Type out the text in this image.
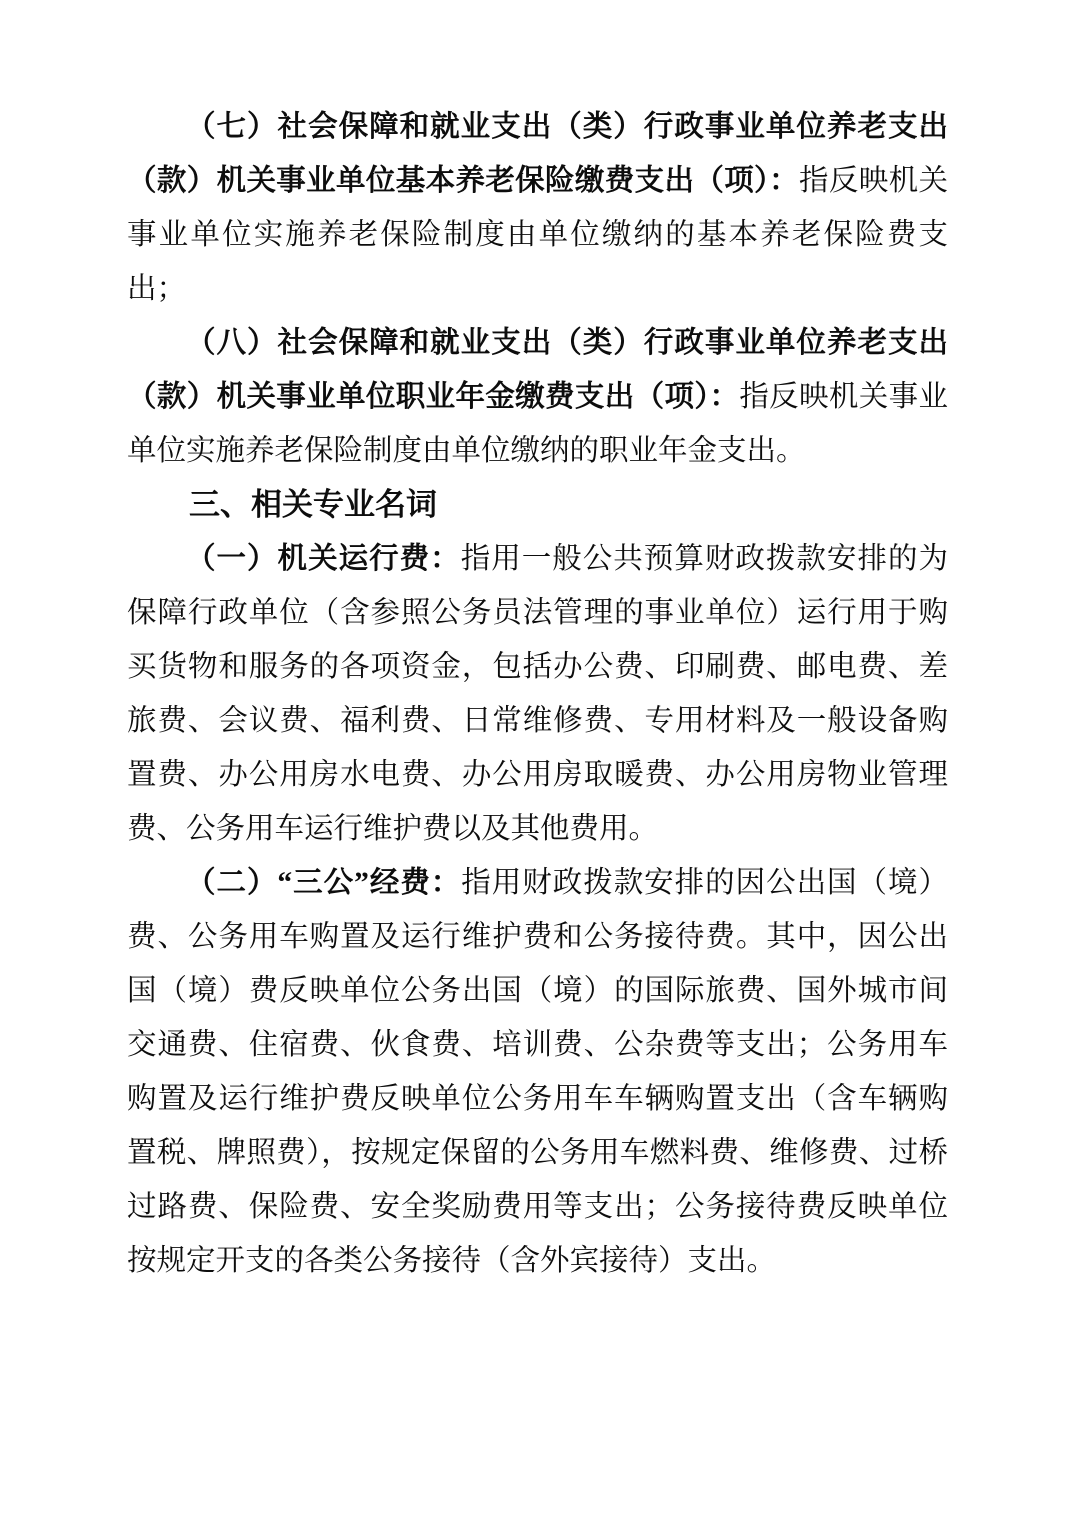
（七）社会保障和就业支出（类）行政事业单位养老支出（款）机关事业单位基本养老保险缴费支出（项）：指反映机关事业单位实施养老保险制度由单位缴纳的基本养老保险费支出；

（八）社会保障和就业支出（类）行政事业单位养老支出（款）机关事业单位职业年金缴费支出（项）：指反映机关事业单位实施养老保险制度由单位缴纳的职业年金支出。

三、相关专业名词

（一）机关运行费：指用一般公共预算财政拨款安排的为保障行政单位（含参照公务员法管理的事业单位）运行用于购买货物和服务的各项资金，包括办公费、印刷费、邮电费、差旅费、会议费、福利费、日常维修费、专用材料及一般设备购置费、办公用房水电费、办公用房取暖费、办公用房物业管理费、公务用车运行维护费以及其他费用。

（二）“三公”经费：指用财政拨款安排的因公出国（境）费、公务用车购置及运行维护费和公务接待费。其中，因公出国（境）费反映单位公务出国（境）的国际旅费、国外城市间交通费、住宿费、伙食费、培训费、公杂费等支出；公务用车购置及运行维护费反映单位公务用车车辆购置支出（含车辆购置税、牌照费），按规定保留的公务用车燃料费、维修费、过桥过路费、保险费、安全奖励费用等支出；公务接待费反映单位按规定开支的各类公务接待（含外宾接待）支出。
